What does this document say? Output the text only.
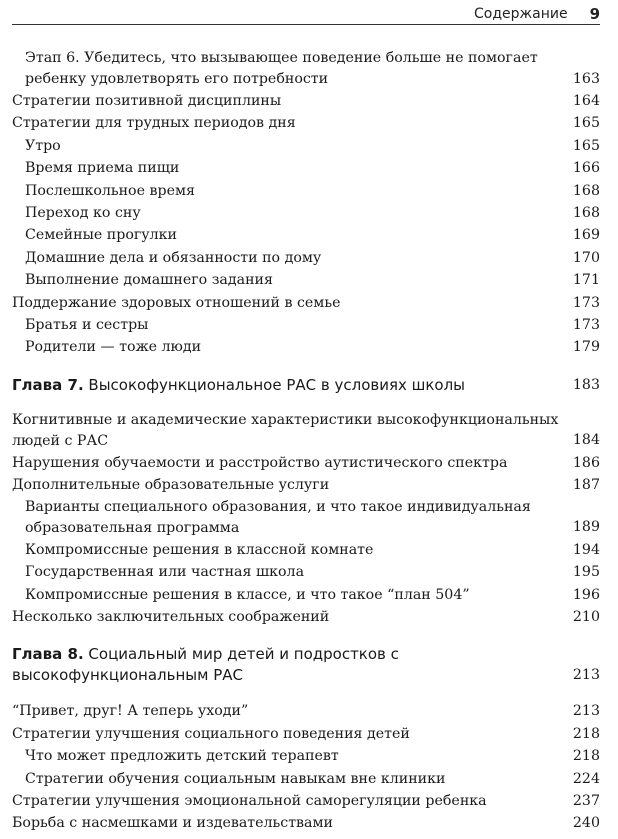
Содержание 9
Этап 6. Убедитесь, что вызывающее поведение больше не помогает ребенку удовлетворять его потребности	163
Стратегии позитивной дисциплины	164
Стратегии для трудных периодов дня	165
Утро	165
Время приема пищи	166
Послешкольное время	168
Переход ко сну	168
Семейные прогулки	169
Домашние дела и обязанности по дому	170
Выполнение домашнего задания	171
Поддержание здоровых отношений в семье	173
Братья и сестры	173
Родители — тоже люди	179
Глава 7. Высокофункциональное РАС в условиях школы	183
Когнитивные и академические характеристики высокофункциональных людей с РАС	184
Нарушения обучаемости и расстройство аутистического спектра	186
Дополнительные образовательные услуги	187
Варианты специального образования, и что такое индивидуальная образовательная программа	189
Компромиссные решения в классной комнате	194
Государственная или частная школа	195
Компромиссные решения в классе, и что такое “план 504”	196
Несколько заключительных соображений	210
Глава 8. Социальный мир детей и подростков с высокофункциональным РАС	213
“Привет, друг! А теперь уходи”	213
Стратегии улучшения социального поведения детей	218
Что может предложить детский терапевт	218
Стратегии обучения социальным навыкам вне клиники	224
Стратегии улучшения эмоциональной саморегуляции ребенка	237
Борьба с насмешками и издевательствами	240
